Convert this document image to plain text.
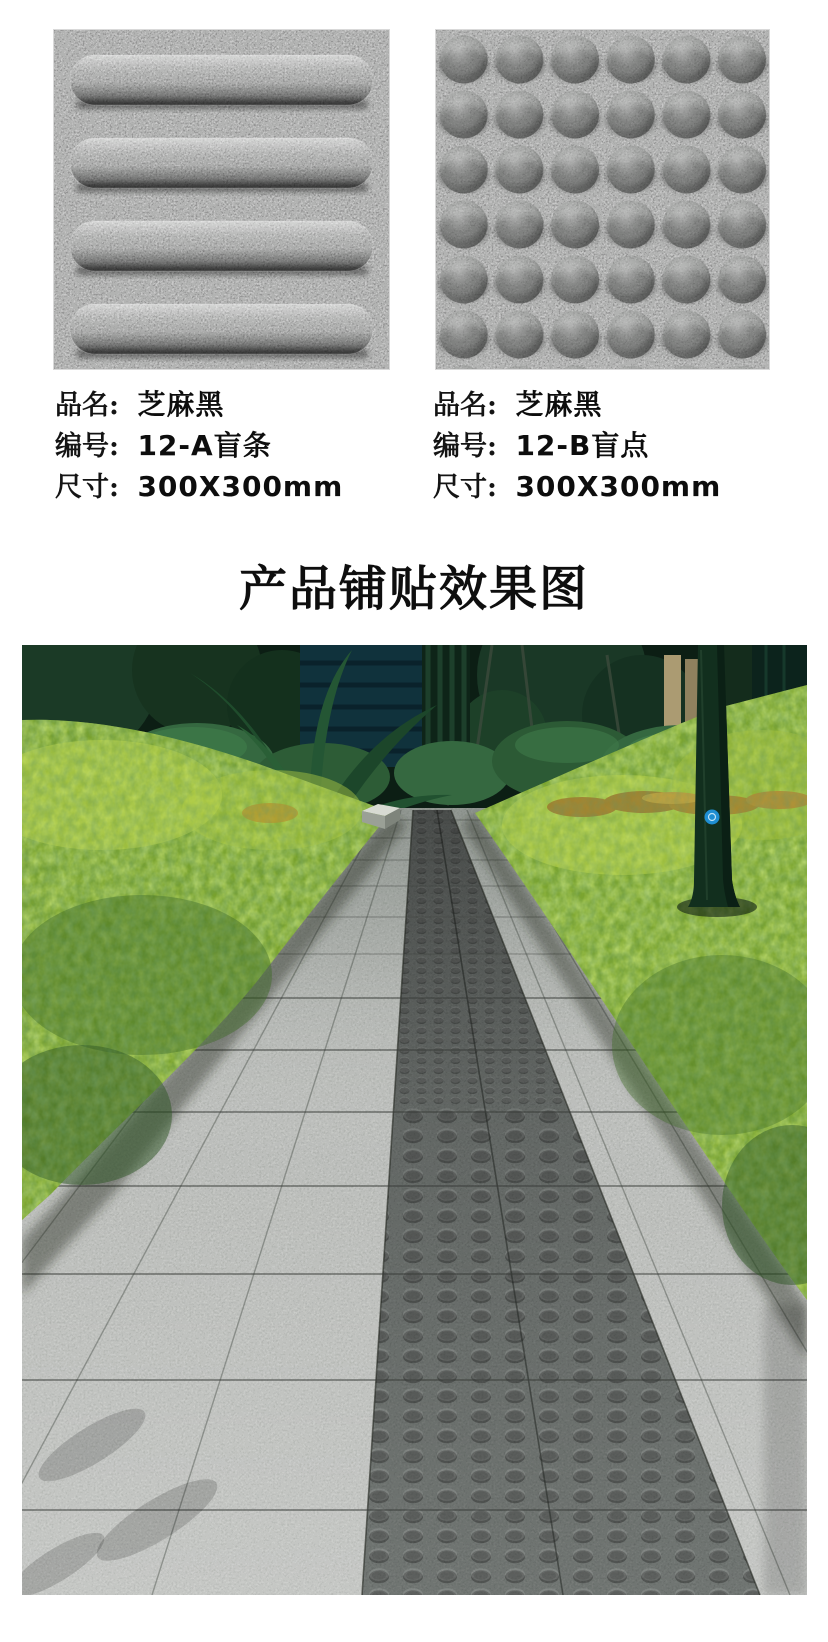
品名: 芝麻黑
编号: 12-A盲条
尺寸: 300X300mm
品名: 芝麻黑
编号: 12-B盲点
尺寸: 300X300mm
产品铺贴效果图
